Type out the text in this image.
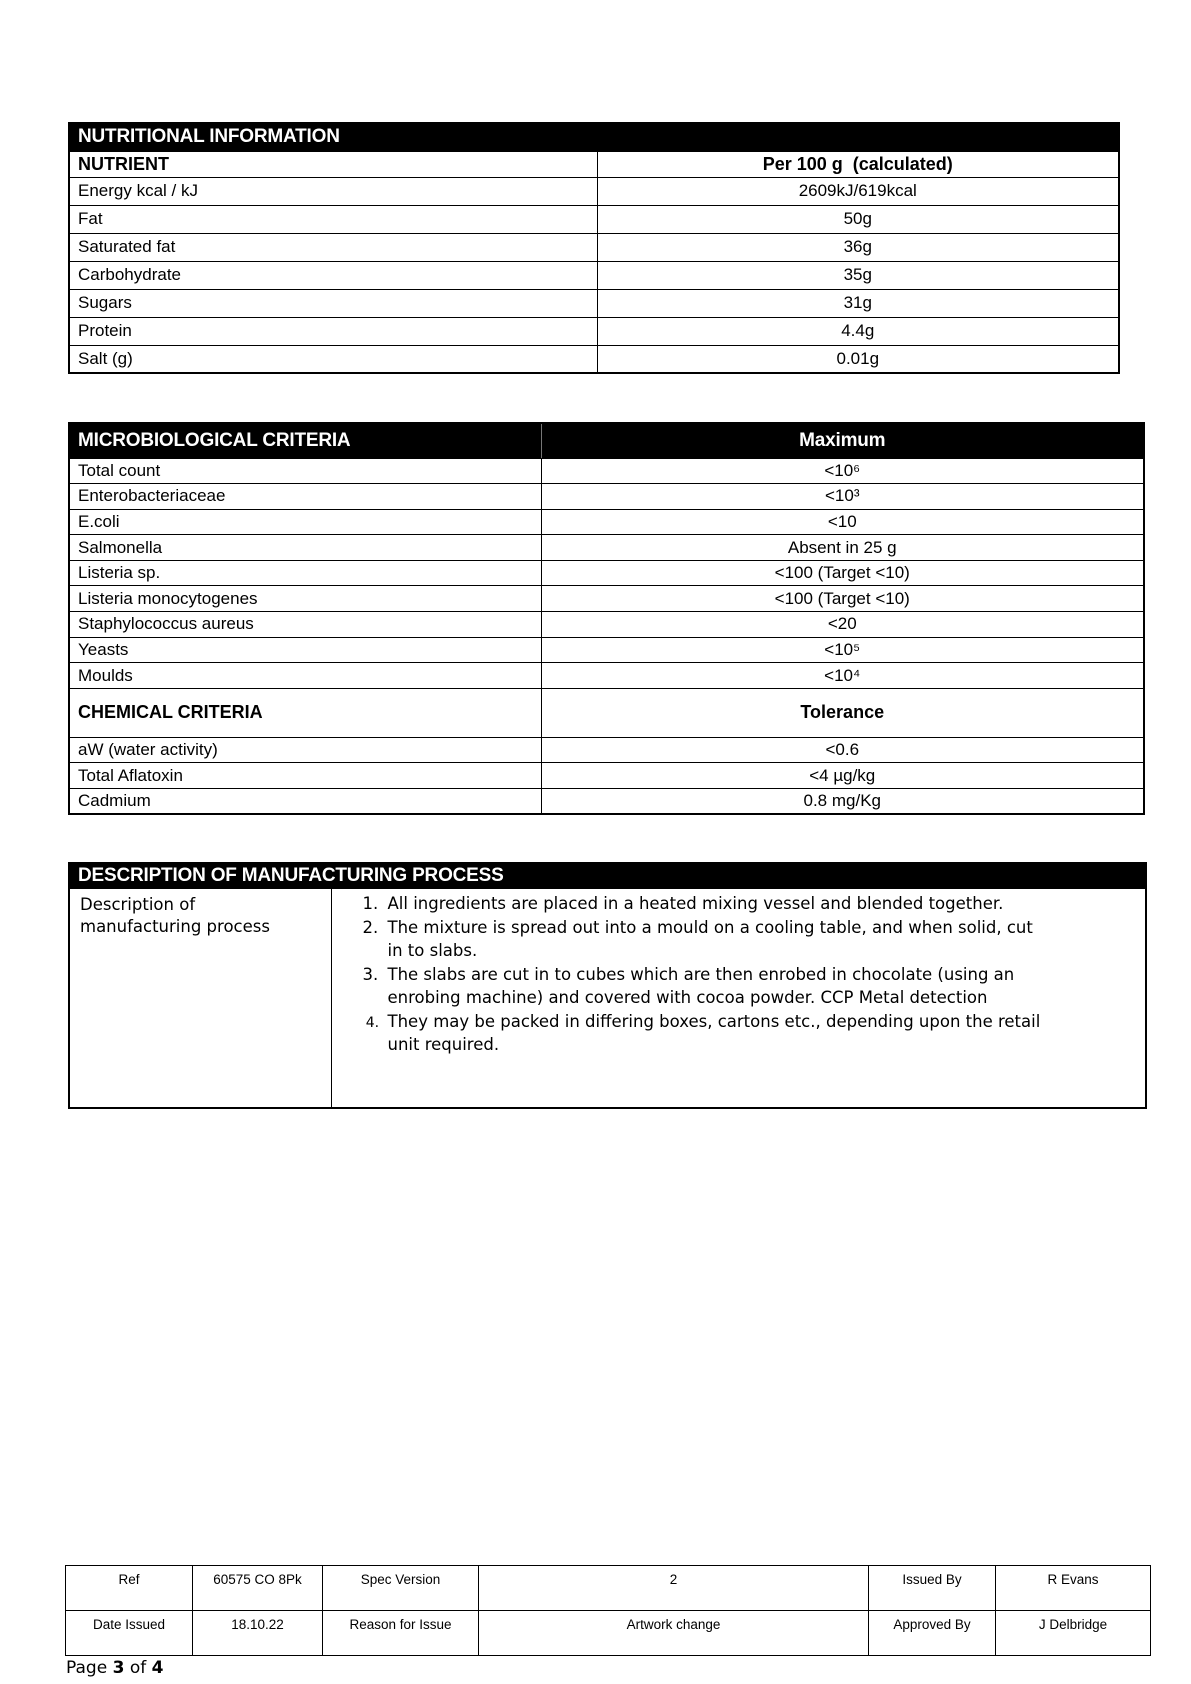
NUTRITIONAL INFORMATION	
NUTRIENT	Per 100 g  (calculated)
Energy kcal / kJ	2609kJ/619kcal
Fat	50g
Saturated fat	36g
Carbohydrate	35g
Sugars	31g
Protein	4.4g
Salt (g)	0.01g
MICROBIOLOGICAL CRITERIA	Maximum
Total count	<10⁶
Enterobacteriaceae	<10³
E.coli	<10
Salmonella	Absent in 25 g
Listeria sp.	<100 (Target <10)
Listeria monocytogenes	<100 (Target <10)
Staphylococcus aureus	<20
Yeasts	<10⁵
Moulds	<10⁴
CHEMICAL CRITERIA	Tolerance
aW (water activity)	<0.6
Total Aflatoxin	<4 µg/kg
Cadmium	0.8 mg/Kg
DESCRIPTION OF MANUFACTURING PROCESS
Description of manufacturing process	
1. All ingredients are placed in a heated mixing vessel and blended together.
2. The mixture is spread out into a mould on a cooling table, and when solid, cut in to slabs.
3. The slabs are cut in to cubes which are then enrobed in chocolate (using an enrobing machine) and covered with cocoa powder. CCP Metal detection
4. They may be packed in differing boxes, cartons etc., depending upon the retail unit required.
Ref	60575 CO 8Pk	Spec Version	2	Issued By	R Evans
Date Issued	18.10.22	Reason for Issue	Artwork change	Approved By	J Delbridge
Page 3 of 4
